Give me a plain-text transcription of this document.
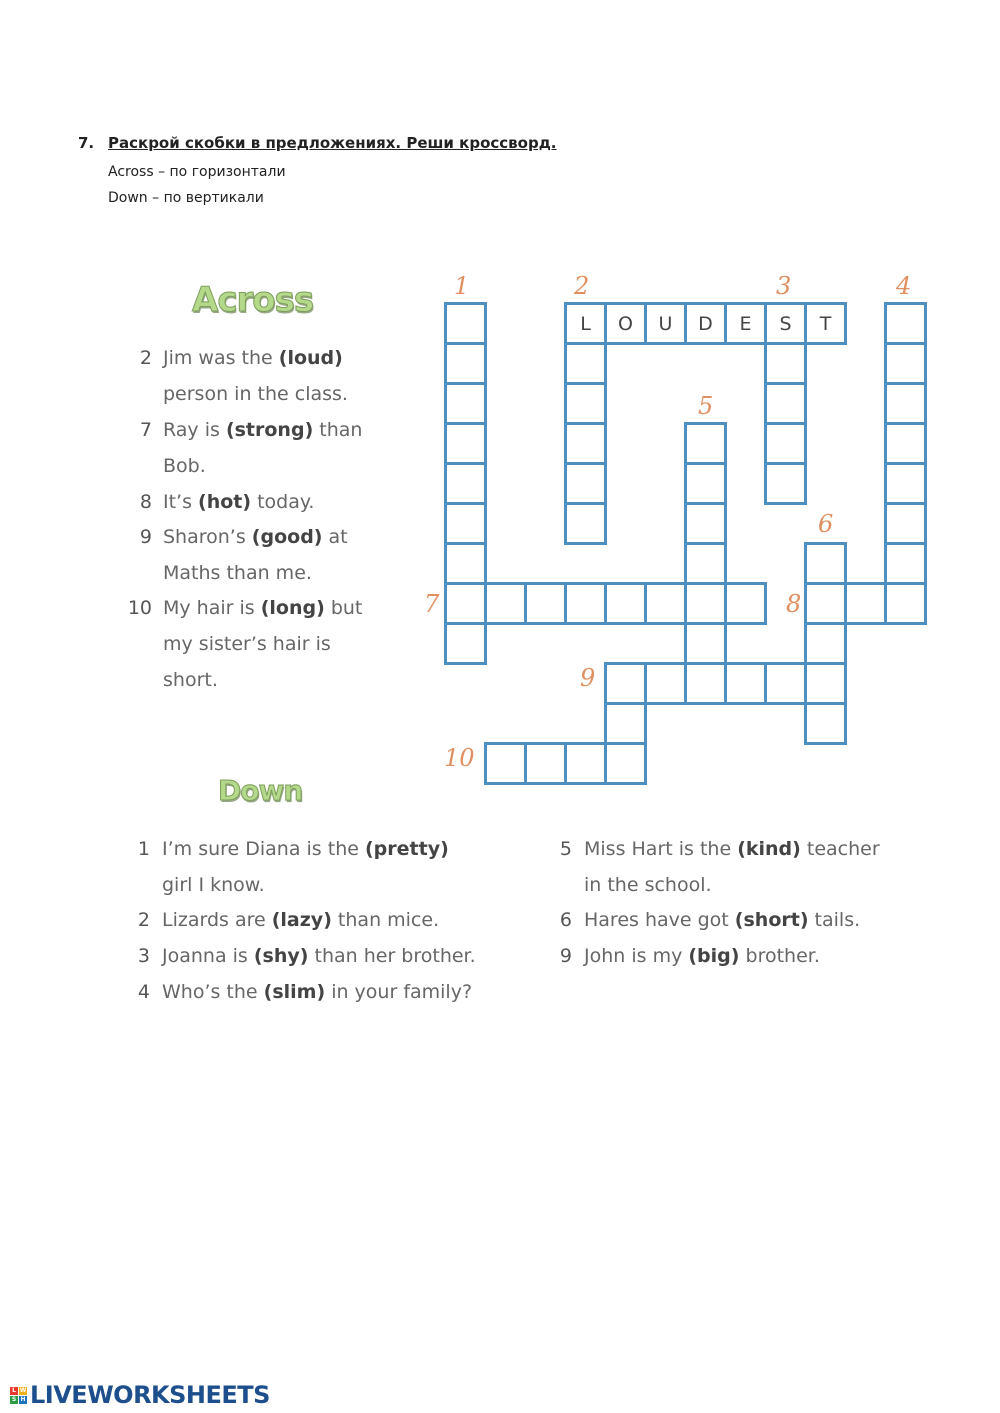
7. Раскрой скобки в предложениях. Реши кроссворд.
Across – по горизонтали
Down – по вертикали
Across
2 Jim was the (loud)
person in the class.
7 Ray is (strong) than
Bob.
8 It’s (hot) today.
9 Sharon’s (good) at
Maths than me.
10 My hair is (long) but
my sister’s hair is
short.
L	O	U	D	E	S	T
1	2	3	4
5
6
7	8
9
10
Down
1 I’m sure Diana is the (pretty)
girl I know.
2 Lizards are (lazy) than mice.
3 Joanna is (shy) than her brother.
4 Who’s the (slim) in your family?
5 Miss Hart is the (kind) teacher
in the school.
6 Hares have got (short) tails.
9 John is my (big) brother.
L W
S H LIVEWORKSHEETS
